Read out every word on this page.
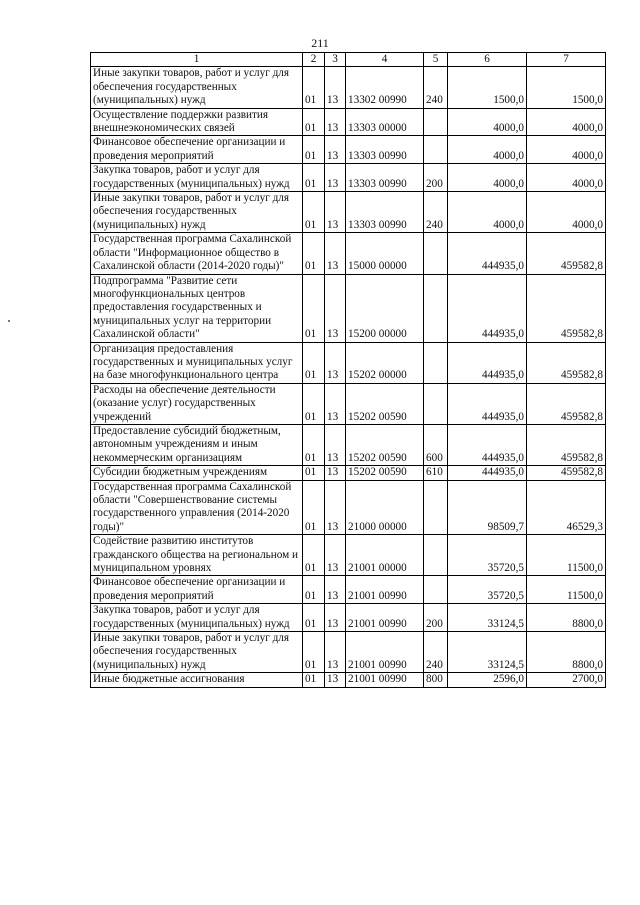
211
1	2	3	4	5	6	7
Иные закупки товаров, работ и услуг для обеспечения государственных (муниципальных) нужд	01	13	13302 00990	240	1500,0	1500,0
Осуществление поддержки развития внешнеэкономических связей	01	13	13303 00000		4000,0	4000,0
Финансовое обеспечение организации и проведения мероприятий	01	13	13303 00990		4000,0	4000,0
Закупка товаров, работ и услуг для государственных (муниципальных) нужд	01	13	13303 00990	200	4000,0	4000,0
Иные закупки товаров, работ и услуг для обеспечения государственных (муниципальных) нужд	01	13	13303 00990	240	4000,0	4000,0
Государственная программа Сахалинской области "Информационное общество в Сахалинской области (2014-2020 годы)"	01	13	15000 00000		444935,0	459582,8
Подпрограмма "Развитие сети многофункциональных центров предоставления государственных и муниципальных услуг на территории Сахалинской области"	01	13	15200 00000		444935,0	459582,8
Организация предоставления государственных и муниципальных услуг на базе многофункционального центра	01	13	15202 00000		444935,0	459582,8
Расходы на обеспечение деятельности (оказание услуг) государственных учреждений	01	13	15202 00590		444935,0	459582,8
Предоставление субсидий бюджетным, автономным учреждениям и иным некоммерческим организациям	01	13	15202 00590	600	444935,0	459582,8
Субсидии бюджетным учреждениям	01	13	15202 00590	610	444935,0	459582,8
Государственная программа Сахалинской области "Совершенствование системы государственного управления (2014-2020 годы)"	01	13	21000 00000		98509,7	46529,3
Содействие развитию институтов гражданского общества на региональном и муниципальном уровнях	01	13	21001 00000		35720,5	11500,0
Финансовое обеспечение организации и проведения мероприятий	01	13	21001 00990		35720,5	11500,0
Закупка товаров, работ и услуг для государственных (муниципальных) нужд	01	13	21001 00990	200	33124,5	8800,0
Иные закупки товаров, работ и услуг для обеспечения государственных (муниципальных) нужд	01	13	21001 00990	240	33124,5	8800,0
Иные бюджетные ассигнования	01	13	21001 00990	800	2596,0	2700,0
